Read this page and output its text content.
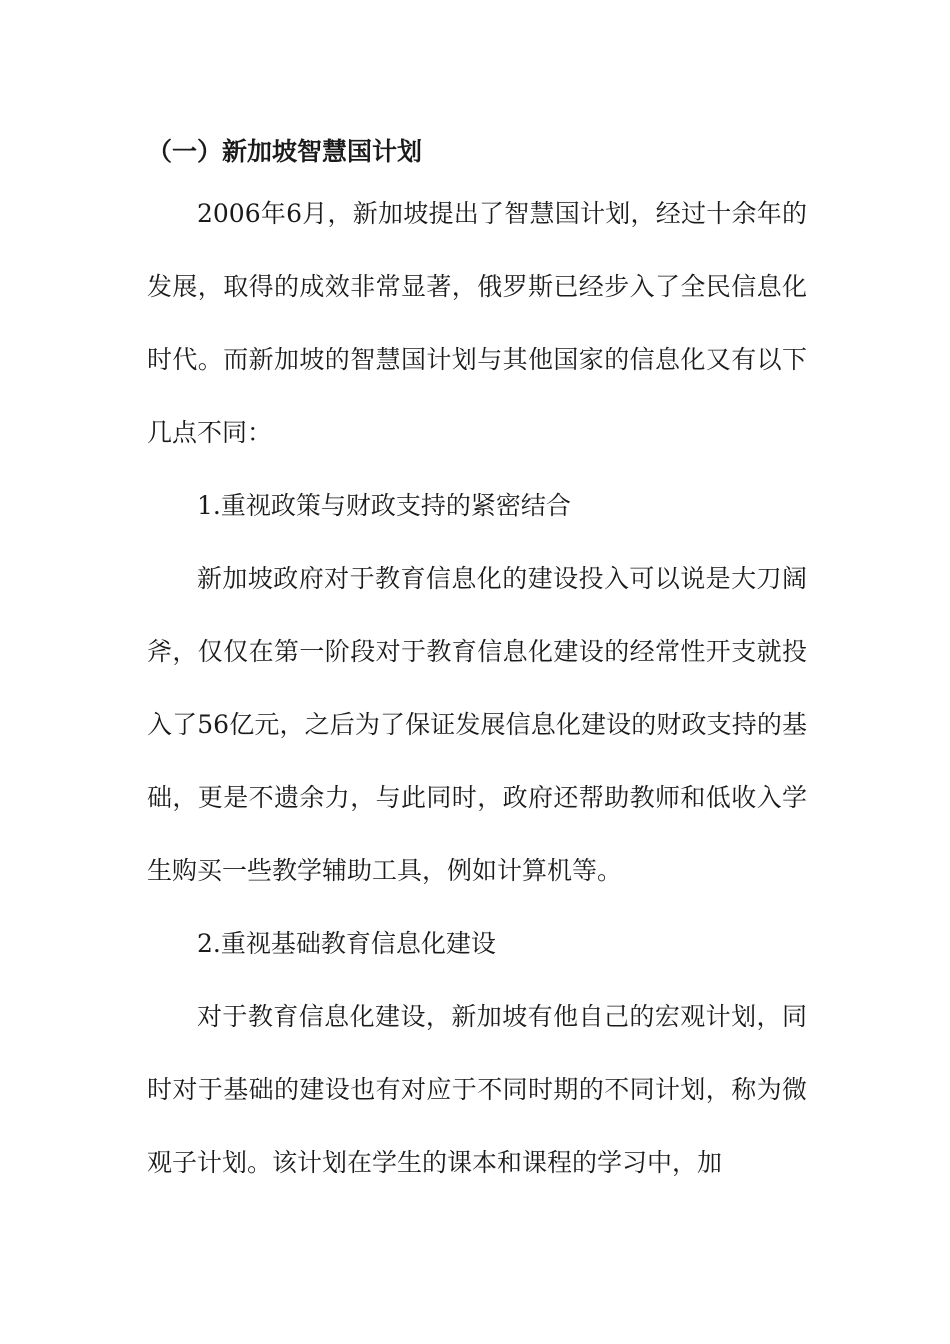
（一）新加坡智慧国计划

2006年6月，新加坡提出了智慧国计划，经过十余年的发展，取得的成效非常显著，俄罗斯已经步入了全民信息化时代。而新加坡的智慧国计划与其他国家的信息化又有以下几点不同：

1.重视政策与财政支持的紧密结合

新加坡政府对于教育信息化的建设投入可以说是大刀阔斧，仅仅在第一阶段对于教育信息化建设的经常性开支就投入了56亿元，之后为了保证发展信息化建设的财政支持的基础，更是不遗余力，与此同时，政府还帮助教师和低收入学生购买一些教学辅助工具，例如计算机等。

2.重视基础教育信息化建设

对于教育信息化建设，新加坡有他自己的宏观计划，同时对于基础的建设也有对应于不同时期的不同计划，称为微观子计划。该计划在学生的课本和课程的学习中，加
